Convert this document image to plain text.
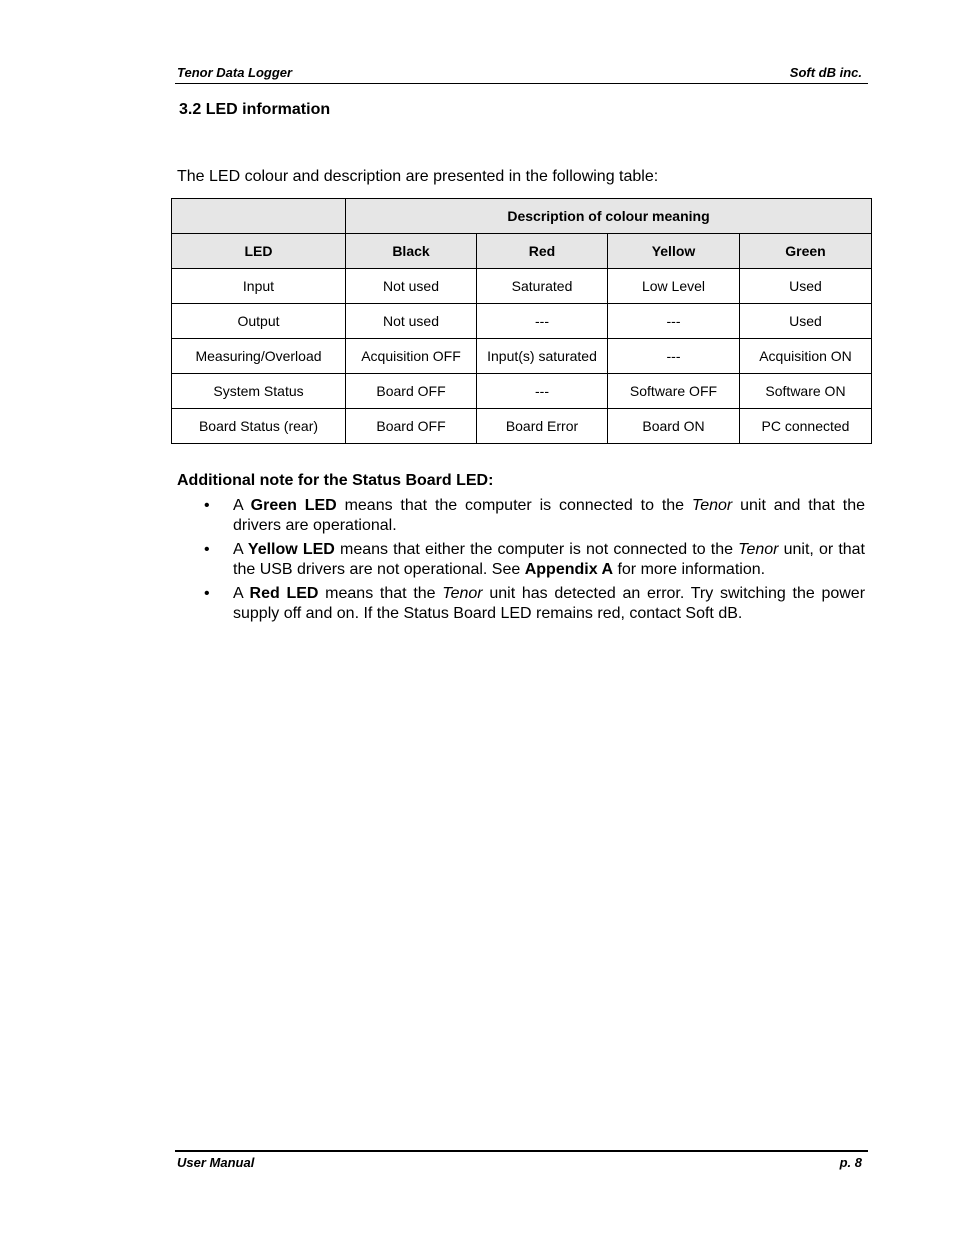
Tenor Data Logger	Soft dB inc.
3.2 LED information
The LED colour and description are presented in the following table:
	Description of colour meaning			
LED	Black	Red	Yellow	Green
Input	Not used	Saturated	Low Level	Used
Output	Not used	---	---	Used
Measuring/Overload	Acquisition OFF	Input(s) saturated	---	Acquisition ON
System Status	Board OFF	---	Software OFF	Software ON
Board Status (rear)	Board OFF	Board Error	Board ON	PC connected
Additional note for the Status Board LED:
• A Green LED means that the computer is connected to the Tenor unit and that the drivers are operational.
• A Yellow LED means that either the computer is not connected to the Tenor unit, or that the USB drivers are not operational. See Appendix A for more information.
• A Red LED means that the Tenor unit has detected an error. Try switching the power supply off and on. If the Status Board LED remains red, contact Soft dB.
User Manual	p. 8
